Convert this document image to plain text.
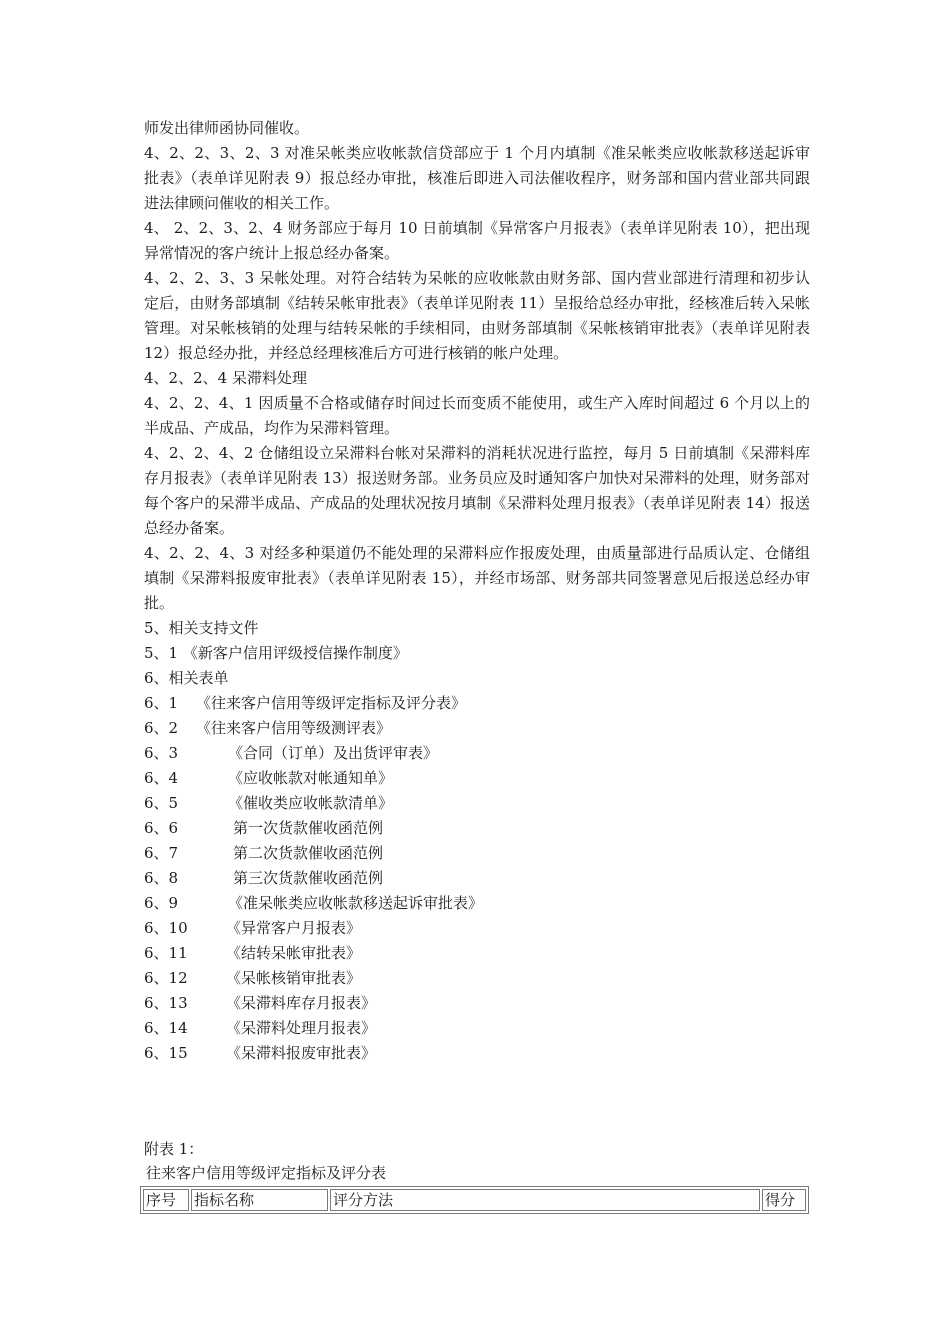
师发出律师函协同催收。

4、2、2、3、2、3 对准呆帐类应收帐款信贷部应于 1 个月内填制《准呆帐类应收帐款移送起诉审批表》（表单详见附表 9）报总经办审批，核准后即进入司法催收程序，财务部和国内营业部共同跟进法律顾问催收的相关工作。

4、 2、2、3、2、4 财务部应于每月 10 日前填制《异常客户月报表》（表单详见附表 10），把出现异常情况的客户统计上报总经办备案。

4、2、2、3、3 呆帐处理。对符合结转为呆帐的应收帐款由财务部、国内营业部进行清理和初步认定后，由财务部填制《结转呆帐审批表》（表单详见附表 11）呈报给总经办审批，经核准后转入呆帐管理。对呆帐核销的处理与结转呆帐的手续相同，由财务部填制《呆帐核销审批表》（表单详见附表 12）报总经办批，并经总经理核准后方可进行核销的帐户处理。

4、2、2、4 呆滞料处理

4、2、2、4、1 因质量不合格或储存时间过长而变质不能使用，或生产入库时间超过 6 个月以上的半成品、产成品，均作为呆滞料管理。

4、2、2、4、2 仓储组设立呆滞料台帐对呆滞料的消耗状况进行监控，每月 5 日前填制《呆滞料库存月报表》（表单详见附表 13）报送财务部。业务员应及时通知客户加快对呆滞料的处理，财务部对每个客户的呆滞半成品、产成品的处理状况按月填制《呆滞料处理月报表》（表单详见附表 14）报送总经办备案。

4、2、2、4、3 对经多种渠道仍不能处理的呆滞料应作报废处理，由质量部进行品质认定、仓储组填制《呆滞料报废审批表》（表单详见附表 15），并经市场部、财务部共同签署意见后报送总经办审批。

5、相关支持文件

5、1 《新客户信用评级授信操作制度》

6、相关表单

6、1	《往来客户信用等级评定指标及评分表》
6、2	《往来客户信用等级测评表》
6、3	《合同（订单）及出货评审表》
6、4	《应收帐款对帐通知单》
6、5	《催收类应收帐款清单》
6、6	第一次货款催收函范例
6、7	第二次货款催收函范例
6、8	第三次货款催收函范例
6、9	《准呆帐类应收帐款移送起诉审批表》
6、10	《异常客户月报表》
6、11	《结转呆帐审批表》
6、12	《呆帐核销审批表》
6、13	《呆滞料库存月报表》
6、14	《呆滞料处理月报表》
6、15	《呆滞料报废审批表》
附表 1：
往来客户信用等级评定指标及评分表
序号	指标名称	评分方法	得分
